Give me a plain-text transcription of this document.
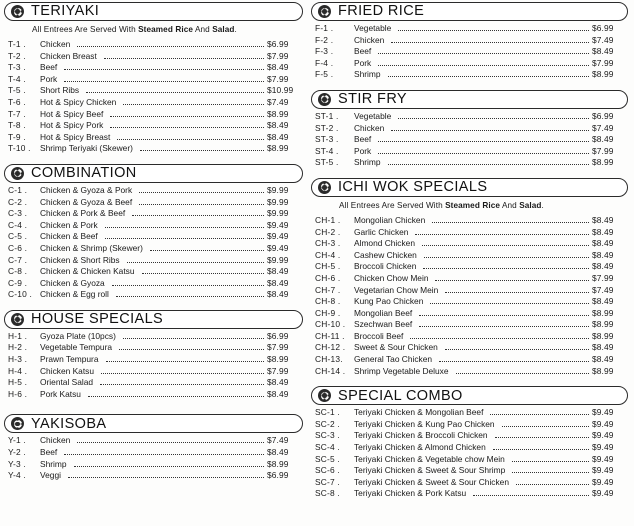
TERIYAKI
All Entrees Are Served With Steamed Rice And Salad.
T-1 .	Chicken	$6.99
T-2 .	Chicken Breast	$7.99
T-3 .	Beef	$8.49
T-4 .	Pork	$7.99
T-5 .	Short Ribs	$10.99
T-6 .	Hot & Spicy Chicken	$7.49
T-7 .	Hot & Spicy Beef	$8.99
T-8 .	Hot & Spicy Pork	$8.49
T-9 .	Hot & Spicy Breast	$8.49
T-10 .	Shrimp Teriyaki (Skewer)	$8.99
COMBINATION
C-1 .	Chicken & Gyoza & Pork	$9.99
C-2 .	Chicken & Gyoza & Beef	$9.99
C-3 .	Chicken & Pork & Beef	$9.99
C-4 .	Chicken & Pork	$9.49
C-5 .	Chicken & Beef	$9.49
C-6 .	Chicken & Shrimp (Skewer)	$9.49
C-7 .	Chicken & Short Ribs	$9.99
C-8 .	Chicken & Chicken Katsu	$8.49
C-9 .	Chicken & Gyoza	$8.49
C-10 . Chicken & Egg roll	$8.49
HOUSE SPECIALS
H-1 .	Gyoza Plate (10pcs)	$6.99
H-2 .	Vegetable Tempura	$7.99
H-3 .	Prawn Tempura	$8.99
H-4 .	Chicken Katsu	$7.99
H-5 .	Oriental Salad	$8.49
H-6 .	Pork Katsu	$8.49
YAKISOBA
Y-1 .	Chicken	$7.49
Y-2 .	Beef	$8.49
Y-3 .	Shrimp	$8.99
Y-4 .	Veggi	$6.99
FRIED RICE
F-1 .	Vegetable	$6.99
F-2 .	Chicken	$7.49
F-3 .	Beef	$8.49
F-4 .	Pork	$7.99
F-5 .	Shrimp	$8.99
STIR FRY
ST-1 .	Vegetable	$6.99
ST-2 .	Chicken	$7.49
ST-3 .	Beef	$8.49
ST-4 .	Pork	$7.99
ST-5 .	Shrimp	$8.99
ICHI WOK SPECIALS
All Entrees Are Served With Steamed Rice And Salad.
CH-1 .	Mongolian Chicken	$8.49
CH-2 .	Garlic Chicken	$8.49
CH-3 .	Almond Chicken	$8.49
CH-4 .	Cashew Chicken	$8.49
CH-5 .	Broccoli Chicken	$8.49
CH-6 .	Chicken Chow Mein	$7.99
CH-7 .	Vegetarian Chow Mein	$7.49
CH-8 .	Kung Pao Chicken	$8.49
CH-9 .	Mongolian Beef	$8.99
CH-10 .	Szechwan Beef	$8.99
CH-11 .	Broccoli Beef	$8.99
CH-12 .	Sweet & Sour Chicken	$8.49
CH-13.	General Tao Chicken	$8.49
CH-14 .	Shrimp Vegetable Deluxe	$8.99
SPECIAL COMBO
SC-1 .	Teriyaki Chicken & Mongolian Beef	$9.49
SC-2 .	Teriyaki Chicken & Kung Pao Chicken	$9.49
SC-3 .	Teriyaki Chicken & Broccoli Chicken	$9.49
SC-4 .	Teriyaki Chicken & Almond Chicken	$9.49
SC-5 .	Teriyaki Chicken & Vegetable chow Mein	$9.49
SC-6 .	Teriyaki Chicken & Sweet & Sour Shrimp	$9.49
SC-7 .	Teriyaki Chicken & Sweet & Sour Chicken	$9.49
SC-8 .	Teriyaki Chicken & Pork Katsu	$9.49
